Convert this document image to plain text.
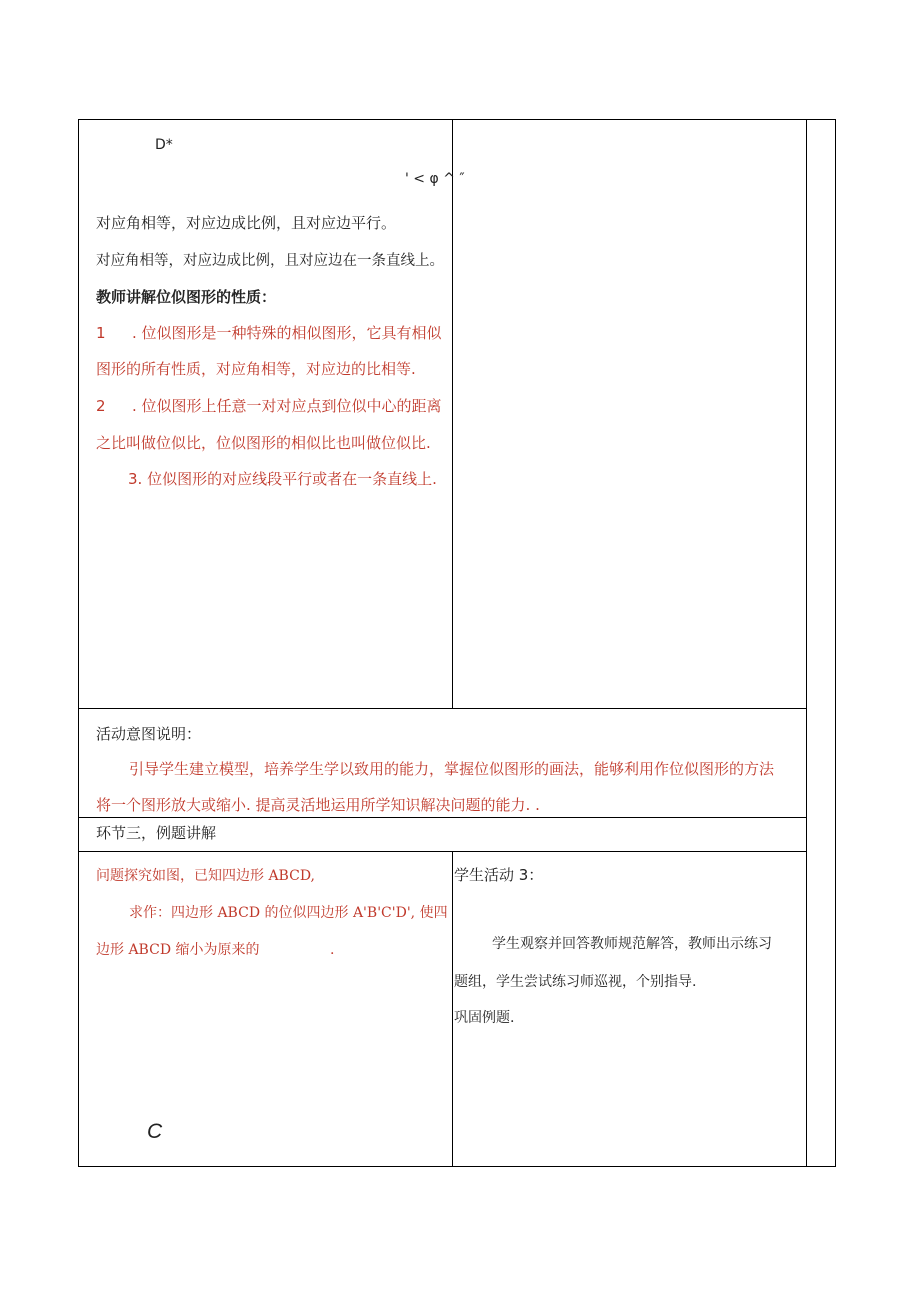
D*
' < φ ^ ″
对应角相等，对应边成比例，且对应边平行。
对应角相等，对应边成比例，且对应边在一条直线上。
教师讲解位似图形的性质：
1 . 位似图形是一种特殊的相似图形，它具有相似
图形的所有性质，对应角相等，对应边的比相等.
2 . 位似图形上任意一对对应点到位似中心的距离
之比叫做位似比，位似图形的相似比也叫做位似比.
3. 位似图形的对应线段平行或者在一条直线上.
活动意图说明：
引导学生建立模型，培养学生学以致用的能力，掌握位似图形的画法，能够利用作位似图形的方法
将一个图形放大或缩小. 提高灵活地运用所学知识解决问题的能力. .
环节三，例题讲解
问题探究如图，已知四边形 ABCD,
求作：四边形 ABCD 的位似四边形 A'B'C'D', 使四
边形 ABCD 缩小为原来的	.
C
学生活动 3：
学生观察并回答教师规范解答，教师出示练习
题组，学生尝试练习师巡视，个别指导.
巩固例题.
